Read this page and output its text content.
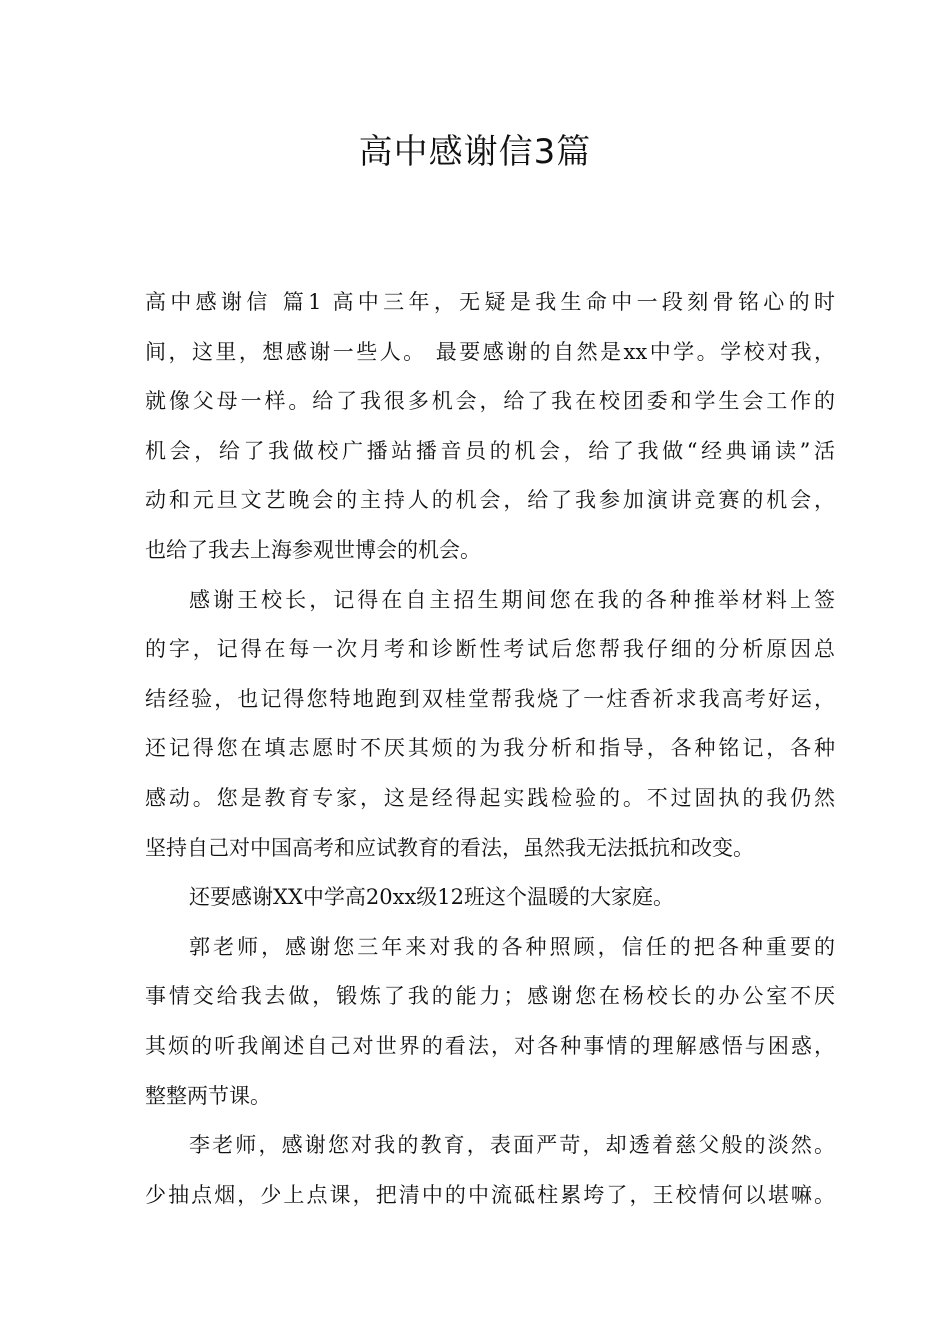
高中感谢信3篇
高中感谢信 篇1 高中三年，无疑是我生命中一段刻骨铭心的时
间，这里，想感谢一些人。 最要感谢的自然是xx中学。学校对我，
就像父母一样。给了我很多机会，给了我在校团委和学生会工作的
机会，给了我做校广播站播音员的机会，给了我做“经典诵读”活
动和元旦文艺晚会的主持人的机会，给了我参加演讲竞赛的机会，
也给了我去上海参观世博会的机会。
感谢王校长，记得在自主招生期间您在我的各种推举材料上签
的字，记得在每一次月考和诊断性考试后您帮我仔细的分析原因总
结经验，也记得您特地跑到双桂堂帮我烧了一炷香祈求我高考好运，
还记得您在填志愿时不厌其烦的为我分析和指导，各种铭记，各种
感动。您是教育专家，这是经得起实践检验的。不过固执的我仍然
坚持自己对中国高考和应试教育的看法，虽然我无法抵抗和改变。
还要感谢XX中学高20xx级12班这个温暖的大家庭。
郭老师，感谢您三年来对我的各种照顾，信任的把各种重要的
事情交给我去做，锻炼了我的能力；感谢您在杨校长的办公室不厌
其烦的听我阐述自己对世界的看法，对各种事情的理解感悟与困惑，
整整两节课。
李老师，感谢您对我的教育，表面严苛，却透着慈父般的淡然。
少抽点烟，少上点课，把清中的中流砥柱累垮了，王校情何以堪嘛。
